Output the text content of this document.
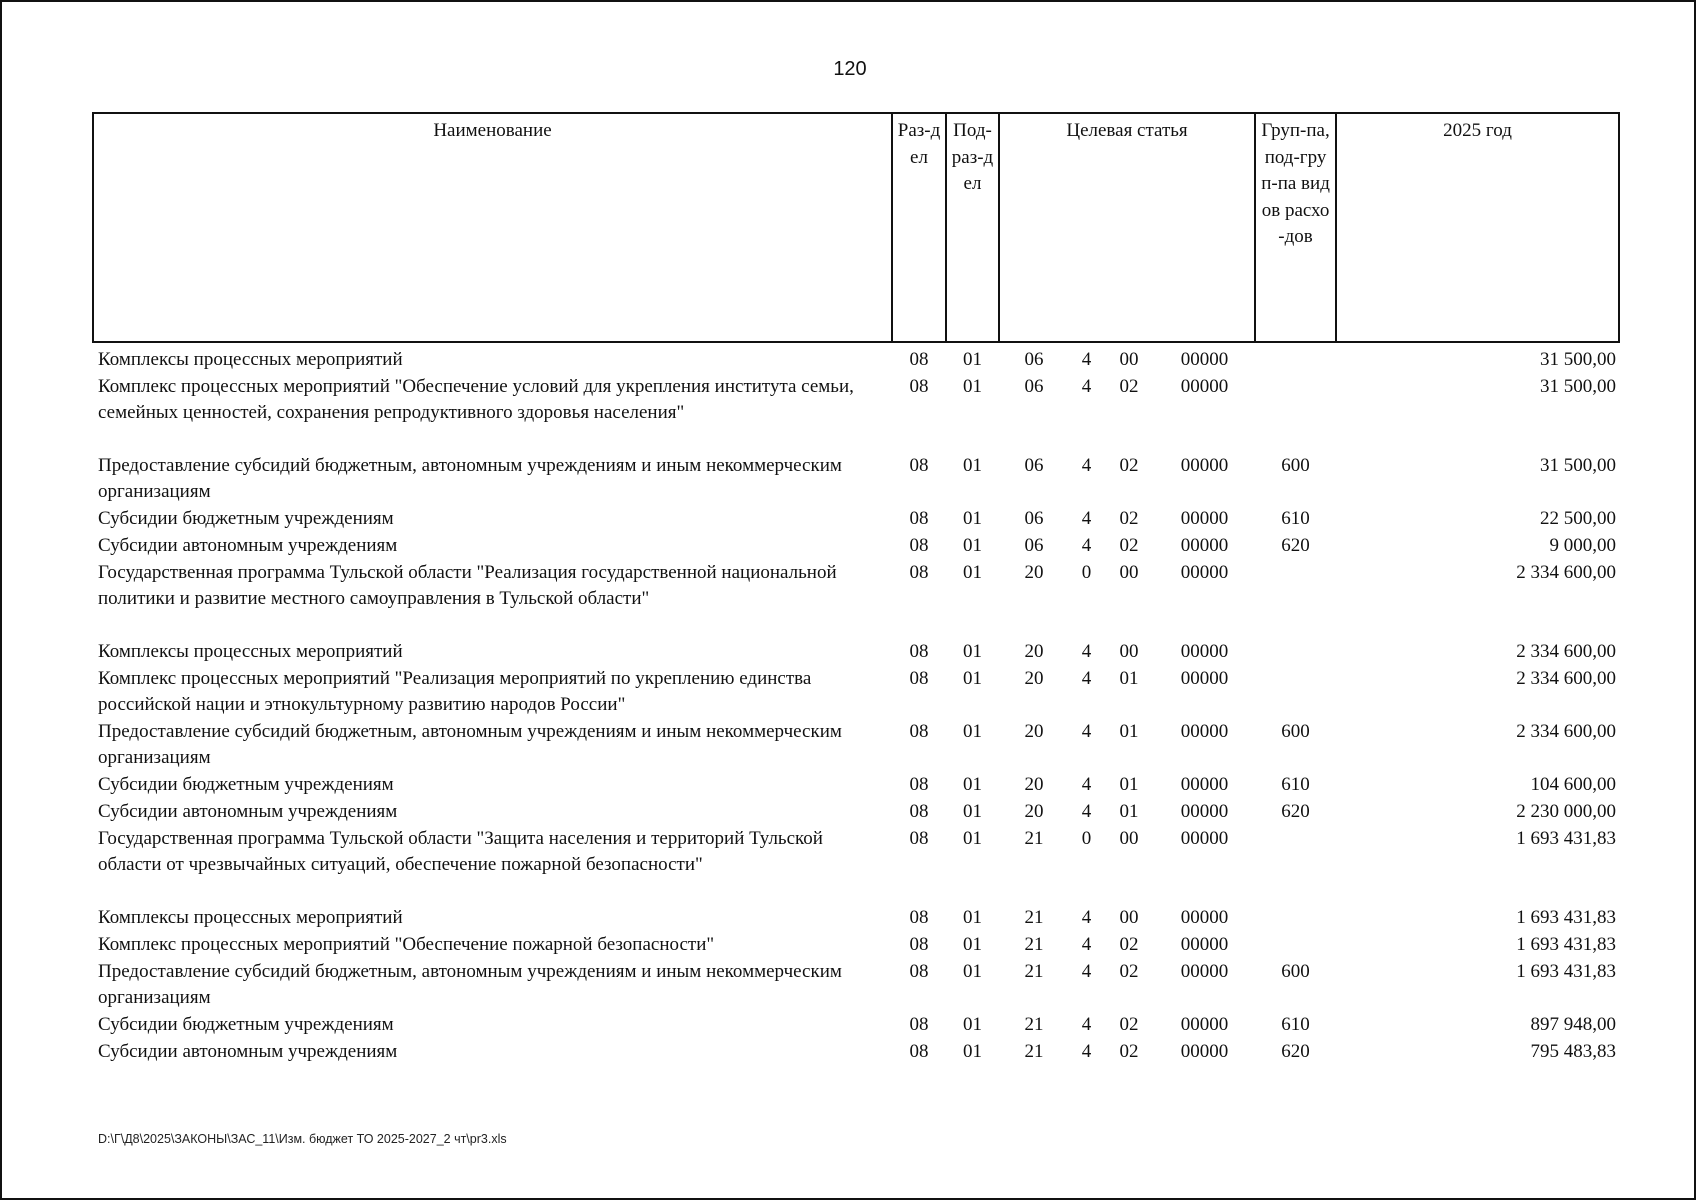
120
Наименование	Раз-дел	Под-раз-дел	Целевая статья				Груп-па, под-груп-па видов расхо-дов	2025 год
Комплексы процессных мероприятий	08	01	06	4	00	00000		31 500,00
Комплекс процессных мероприятий "Обеспечение условий для укрепления института семьи, семейных ценностей, сохранения репродуктивного здоровья населения"	08	01	06	4	02	00000		31 500,00
Предоставление субсидий бюджетным, автономным учреждениям и иным некоммерческим организациям	08	01	06	4	02	00000	600	31 500,00
Субсидии бюджетным учреждениям	08	01	06	4	02	00000	610	22 500,00
Субсидии автономным учреждениям	08	01	06	4	02	00000	620	9 000,00
Государственная программа Тульской области "Реализация государственной национальной политики и развитие местного самоуправления в Тульской области"	08	01	20	0	00	00000		2 334 600,00
Комплексы процессных мероприятий	08	01	20	4	00	00000		2 334 600,00
Комплекс процессных мероприятий "Реализация мероприятий по укреплению единства российской нации и этнокультурному развитию народов России"	08	01	20	4	01	00000		2 334 600,00
Предоставление субсидий бюджетным, автономным учреждениям и иным некоммерческим организациям	08	01	20	4	01	00000	600	2 334 600,00
Субсидии бюджетным учреждениям	08	01	20	4	01	00000	610	104 600,00
Субсидии автономным учреждениям	08	01	20	4	01	00000	620	2 230 000,00
Государственная программа Тульской области "Защита населения и территорий Тульской области от чрезвычайных ситуаций, обеспечение пожарной безопасности"	08	01	21	0	00	00000		1 693 431,83
Комплексы процессных мероприятий	08	01	21	4	00	00000		1 693 431,83
Комплекс процессных мероприятий "Обеспечение пожарной безопасности"	08	01	21	4	02	00000		1 693 431,83
Предоставление субсидий бюджетным, автономным учреждениям и иным некоммерческим организациям	08	01	21	4	02	00000	600	1 693 431,83
Субсидии бюджетным учреждениям	08	01	21	4	02	00000	610	897 948,00
Субсидии автономным учреждениям	08	01	21	4	02	00000	620	795 483,83
D:\Г\Д8\2025\ЗАКОНЫ\ЗАС_11\Изм. бюджет ТО 2025-2027_2 чт\pr3.xls
